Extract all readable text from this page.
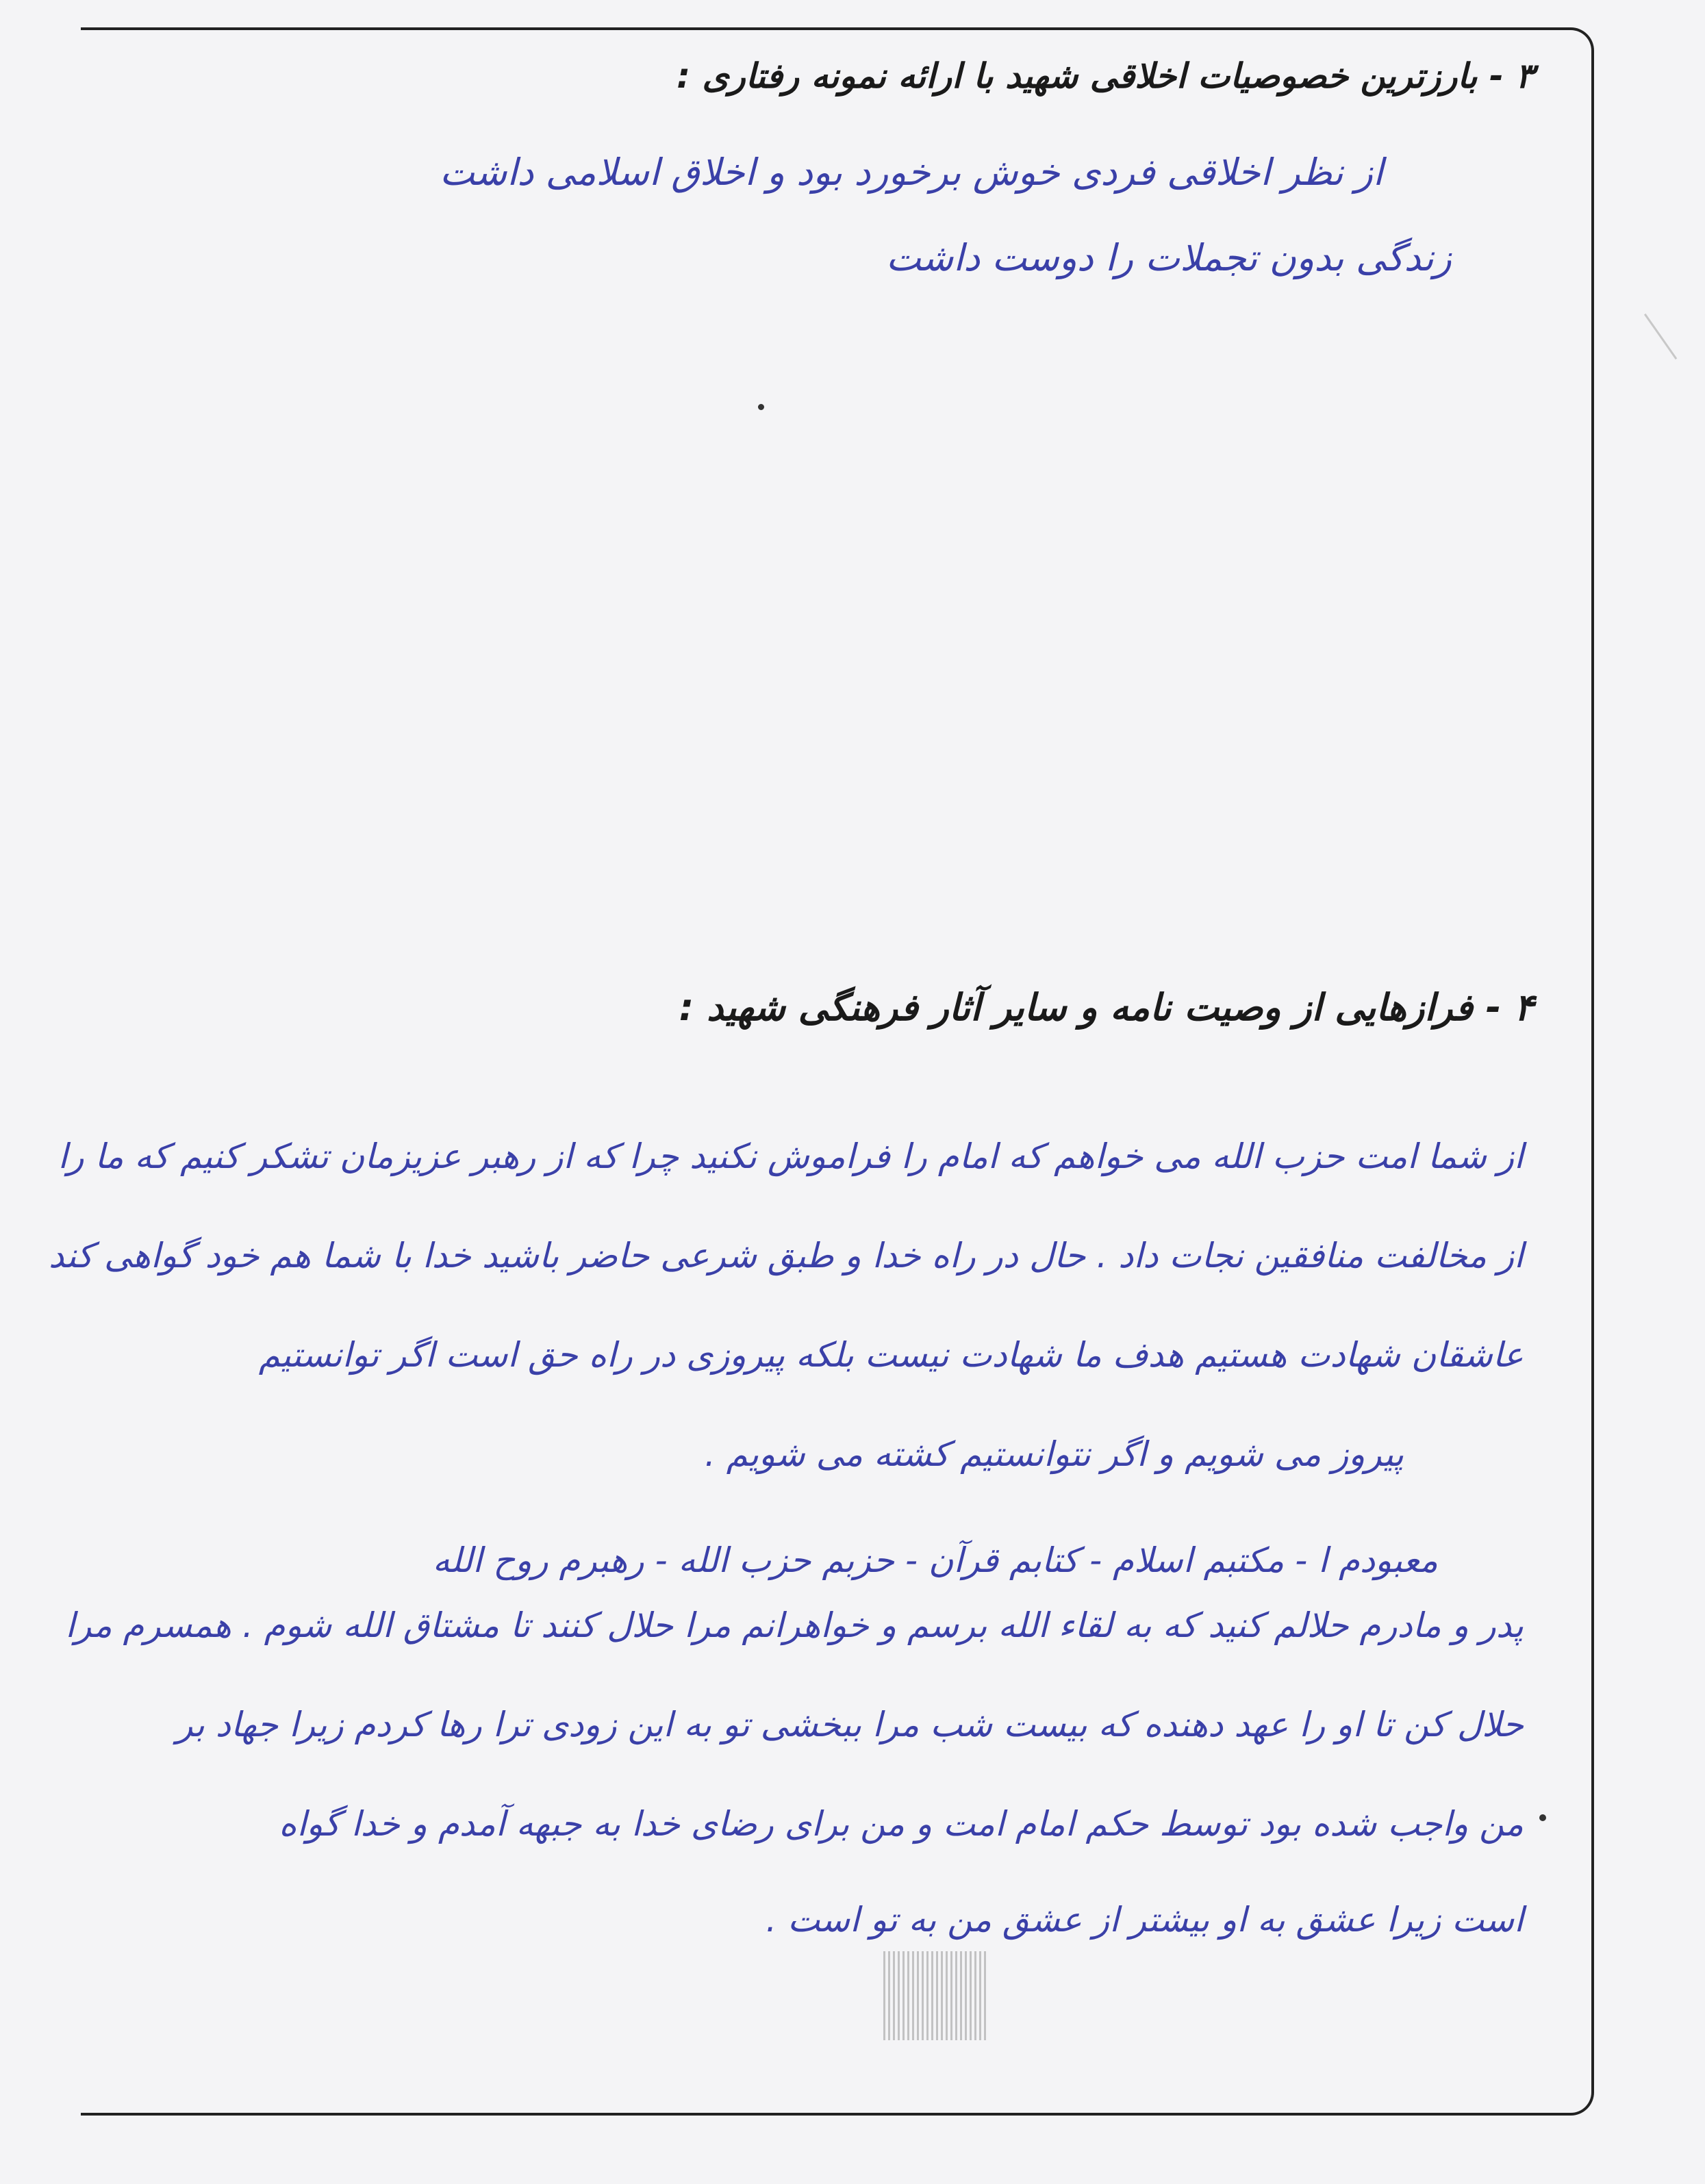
۳ - بارزترین خصوصیات اخلاقی شهید با ارائه نمونه رفتاری :
از نظر اخلاقی فردی خوش برخورد بود و اخلاق اسلامی داشت
زندگی بدون تجملات را دوست داشت
۴ - فرازهایی از وصیت نامه و سایر آثار فرهنگی شهید :
از شما امت حزب الله می خواهم که امام را فراموش نکنید چرا که از رهبر عزیزمان تشکر کنیم که ما را
از مخالفت منافقین نجات داد . حال در راه خدا و طبق شرعی حاضر باشید خدا با شما هم خود گواهی کند
عاشقان شهادت هستیم هدف ما شهادت نیست بلکه پیروزی در راه حق است اگر توانستیم
پیروز می شویم و اگر نتوانستیم کشته می شویم .
معبودم ا - مکتبم اسلام - کتابم قرآن - حزبم حزب الله - رهبرم روح الله
پدر و مادرم حلالم کنید که به لقاء الله برسم و خواهرانم مرا حلال کنند تا مشتاق الله شوم . همسرم مرا
حلال کن تا او را عهد دهنده که بیست شب مرا ببخشی تو به این زودی ترا رها کردم زیرا جهاد بر
من واجب شده بود توسط حکم امام امت و من برای رضای خدا به جبهه آمدم و خدا گواه
است زیرا عشق به او بیشتر از عشق من به تو است .
